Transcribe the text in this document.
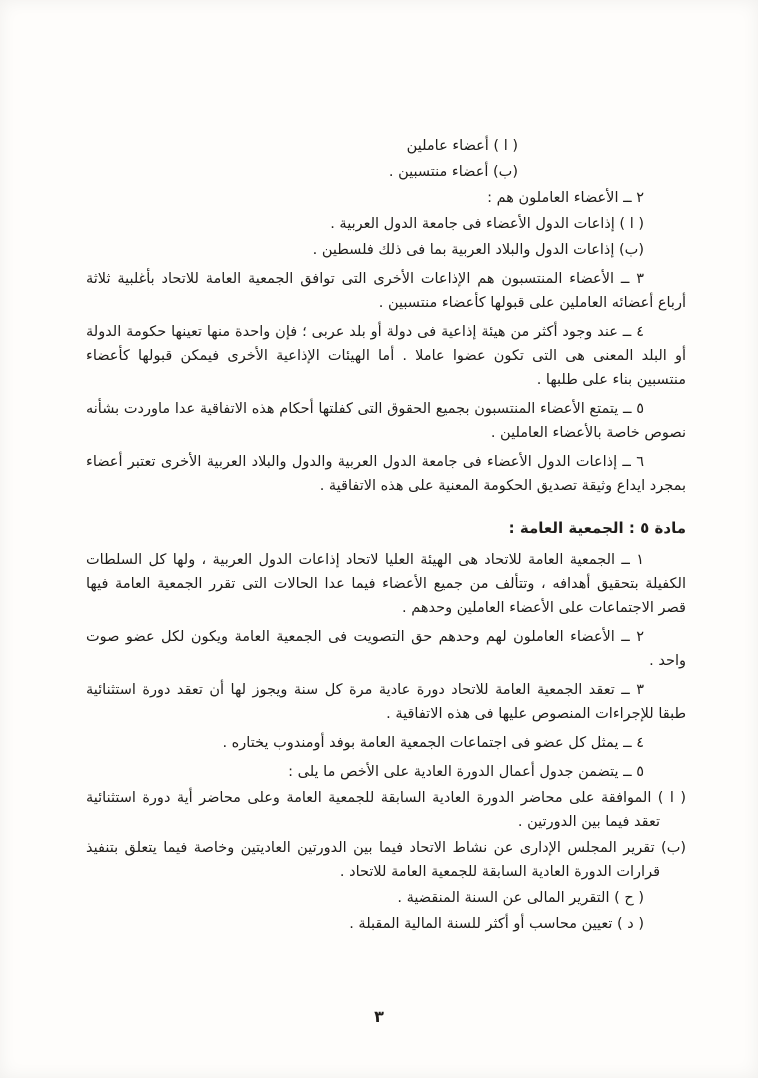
( ا ) أعضاء عاملين

(ب) أعضاء منتسبين .

٢ ــ الأعضاء العاملون هم :

( ا ) إذاعات الدول الأعضاء فى جامعة الدول العربية .

(ب) إذاعات الدول والبلاد العربية بما فى ذلك فلسطين .

٣ ــ الأعضاء المنتسبون هم الإذاعات الأخرى التى توافق الجمعية العامة للاتحاد بأغلبية ثلاثة أرباع أعضائه العاملين على قبولها كأعضاء منتسبين .

٤ ــ عند وجود أكثر من هيئة إذاعية فى دولة أو بلد عربى ؛ فإن واحدة منها تعينها حكومة الدولة أو البلد المعنى هى التى تكون عضوا عاملا . أما الهيئات الإذاعية الأخرى فيمكن قبولها كأعضاء منتسبين بناء على طلبها .

٥ ــ يتمتع الأعضاء المنتسبون بجميع الحقوق التى كفلتها أحكام هذه الاتفاقية عدا ماوردت بشأنه نصوص خاصة بالأعضاء العاملين .

٦ ــ إذاعات الدول الأعضاء فى جامعة الدول العربية والدول والبلاد العربية الأخرى تعتبر أعضاء بمجرد ايداع وثيقة تصديق الحكومة المعنية على هذه الاتفاقية .

مادة ٥ : الجمعية العامة :

١ ــ الجمعية العامة للاتحاد هى الهيئة العليا لاتحاد إذاعات الدول العربية ، ولها كل السلطات الكفيلة بتحقيق أهدافه ، وتتألف من جميع الأعضاء فيما عدا الحالات التى تقرر الجمعية العامة فيها قصر الاجتماعات على الأعضاء العاملين وحدهم .

٢ ــ الأعضاء العاملون لهم وحدهم حق التصويت فى الجمعية العامة ويكون لكل عضو صوت واحد .

٣ ــ تعقد الجمعية العامة للاتحاد دورة عادية مرة كل سنة ويجوز لها أن تعقد دورة استثنائية طبقا للإجراءات المنصوص عليها فى هذه الاتفاقية .

٤ ــ يمثل كل عضو فى اجتماعات الجمعية العامة بوفد أومندوب يختاره .

٥ ــ يتضمن جدول أعمال الدورة العادية على الأخص ما يلى :

( ا ) الموافقة على محاضر الدورة العادية السابقة للجمعية العامة وعلى محاضر أية دورة استثنائية تعقد فيما بين الدورتين .

(ب) تقرير المجلس الإدارى عن نشاط الاتحاد فيما بين الدورتين العاديتين وخاصة فيما يتعلق بتنفيذ قرارات الدورة العادية السابقة للجمعية العامة للاتحاد .

( ح ) التقرير المالى عن السنة المنقضية .

( د ) تعيين محاسب أو أكثر للسنة المالية المقبلة .

٣
